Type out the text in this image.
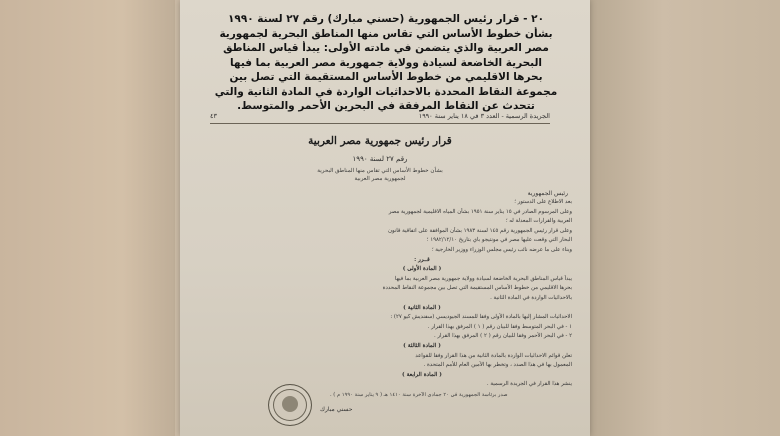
٢٠ - قرار رئيس الجمهورية (حسني مبارك) رقم ٢٧ لسنة ١٩٩٠
بشأن خطوط الأساس التي تقاس منها المناطق البحرية لجمهورية
مصر العربية والذي يتضمن في مادته الأولى: يبدأ قياس المناطق
البحرية الخاضعة لسيادة وولاية جمهورية مصر العربية بما فيها
بحرها الاقليمي من خطوط الأساس المستقيمة التي تصل بين
مجموعة النقاط المحددة بالاحداثيات الواردة في المادة الثانية والتي
تتحدث عن النقاط المرفقة في البحرين الأحمر والمتوسط.
الجريدة الرسمية - العدد ٣ في ١٨ يناير سنة ١٩٩٠
٤٣
قرار رئيس جمهورية مصر العربية
رقم ٢٧ لسنة ١٩٩٠
بشأن خطوط الأساس التي تقاس منها المناطق البحرية
لجمهورية مصر العربية
رئيس الجمهورية
بعد الاطلاع على الدستور ؛
وعلى المرسوم الصادر في ١٥ يناير سنة ١٩٥١ بشأن المياه الاقليمية لجمهورية مصر
العربية والقرارات المعدلة له ؛
وعلى قرار رئيس الجمهورية رقم ١٤٥ لسنة ١٩٨٣ بشأن الموافقة على اتفاقية قانون
البحار التي وقعت عليها مصر في مونتيجو باي بتاريخ ١٩٨٢/١٢/١٠ ؛
وبناء على ما عرضه نائب رئيس مجلس الوزراء ووزير الخارجية ؛
قــرر :
( المادة الأولى )
يبدأ قياس المناطق البحرية الخاضعة لسيادة وولاية جمهورية مصر العربية بما فيها
بحرها الاقليمي من خطوط الأساس المستقيمة التي تصل بين مجموعة النقاط المحددة
بالاحداثيات الواردة في المادة الثانية .
( المادة الثانية )
الاحداثيات المشار إليها بالمادة الأولى وفقا للمسند الجيوديسي (سفنديش كيو ٢٧) :
١ - في البحر المتوسط وفقا للبيان رقم ( ١ ) المرفق بهذا القرار .
٢ - في البحر الأحمر وفقا للبيان رقم ( ٢ ) المرفق بهذا القرار .
( المادة الثالثة )
تعلن قوائم الاحداثيات الواردة بالمادة الثانية من هذا القرار وفقا للقواعد
المعمول بها في هذا الصدد ، وتخطر بها الأمين العام للأمم المتحدة .
( المادة الرابعة )
ينشر هذا القرار في الجريدة الرسمية .
صدر برئاسة الجمهورية في ٢٠ جمادى الآخرة سنة ١٤١٠ هـ ( ٩ يناير سنة ١٩٩٠ م ) .
حسني مبارك
